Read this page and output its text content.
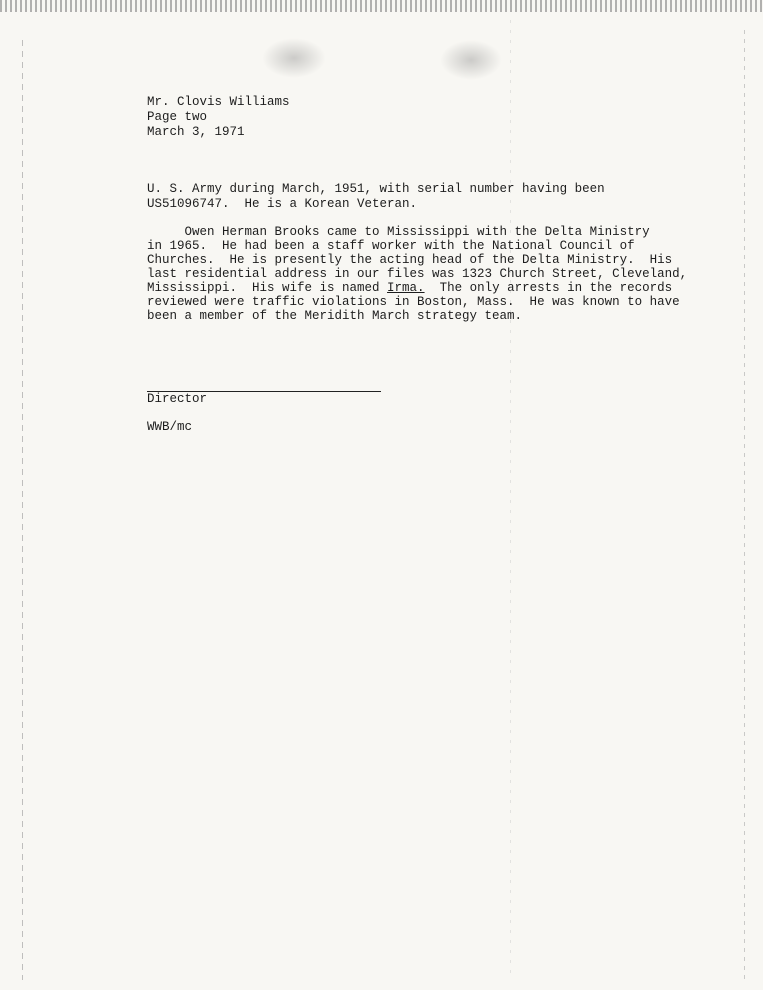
Mr. Clovis Williams
Page two
March 3, 1971
U. S. Army during March, 1951, with serial number having been
US51096747.  He is a Korean Veteran.
Owen Herman Brooks came to Mississippi with the Delta Ministry
in 1965.  He had been a staff worker with the National Council of
Churches.  He is presently the acting head of the Delta Ministry.  His
last residential address in our files was 1323 Church Street, Cleveland,
Mississippi.  His wife is named Irma.  The only arrests in the records
reviewed were traffic violations in Boston, Mass.  He was known to have
been a member of the Meridith March strategy team.
Director
WWB/mc
